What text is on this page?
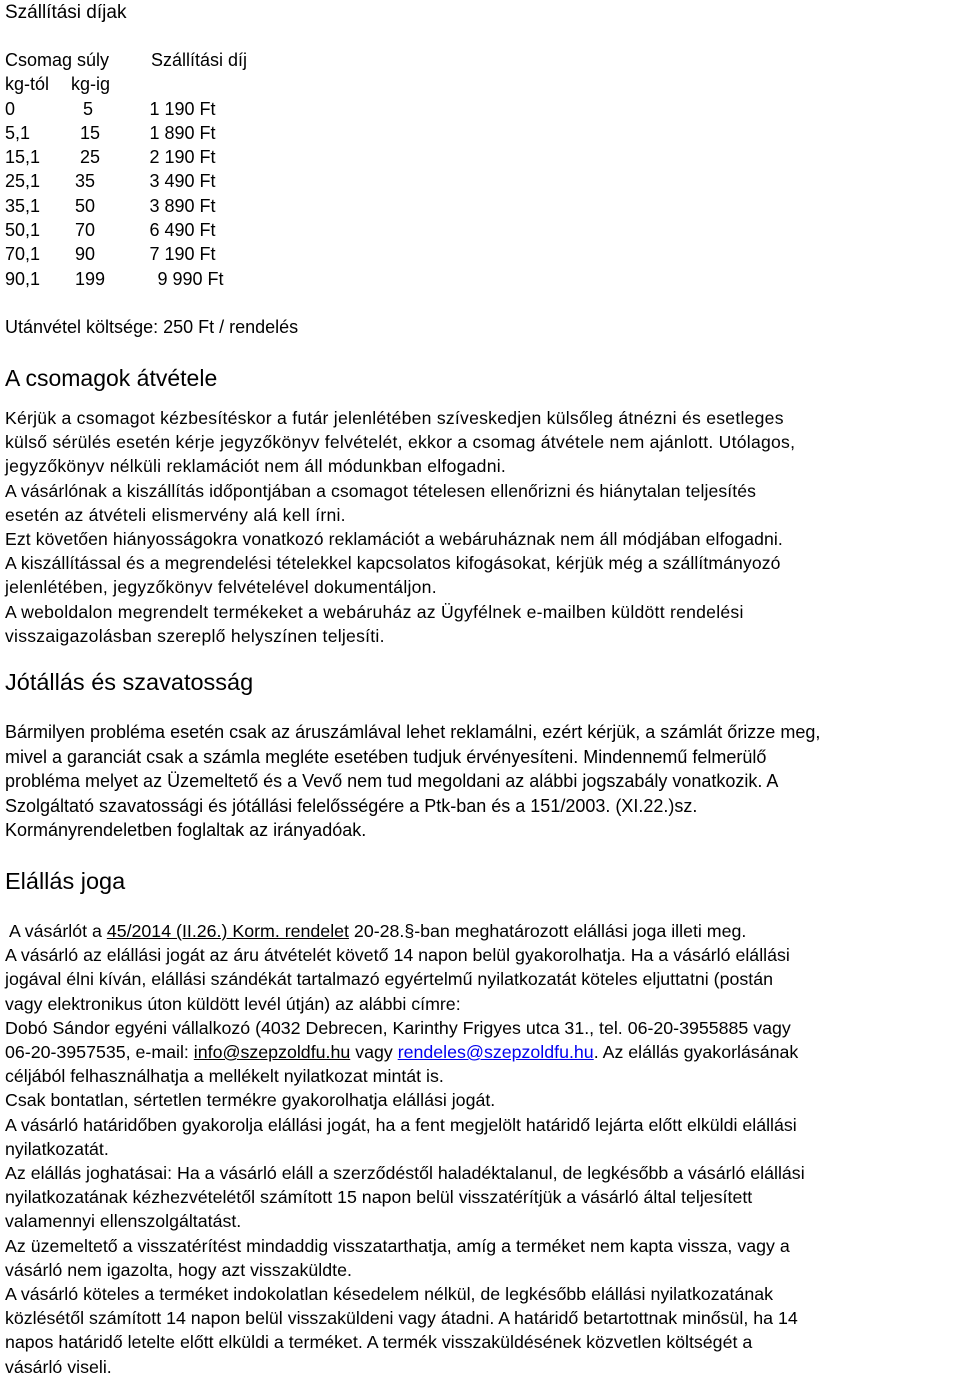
Szállítási díjak
Csomag súly Szállítási díj
kg-tól kg-ig
0	5	1 190 Ft
5,1	15	1 890 Ft
15,1	25	2 190 Ft
25,1	35	3 490 Ft
35,1	50	3 890 Ft
50,1	70	6 490 Ft
70,1	90	7 190 Ft
90,1	199	9 990 Ft

Utánvétel költsége: 250 Ft / rendelés

A csomagok átvétele
Kérjük a csomagot kézbesítéskor a futár jelenlétében szíveskedjen külsőleg átnézni és esetleges
külső sérülés esetén kérje jegyzőkönyv felvételét, ekkor a csomag átvétele nem ajánlott. Utólagos,
jegyzőkönyv nélküli reklamációt nem áll módunkban elfogadni.
A vásárlónak a kiszállítás időpontjában a csomagot tételesen ellenőrizni és hiánytalan teljesítés
esetén az átvételi elismervény alá kell írni.
Ezt követően hiányosságokra vonatkozó reklamációt a webáruháznak nem áll módjában elfogadni.
A kiszállítással és a megrendelési tételekkel kapcsolatos kifogásokat, kérjük még a szállítmányozó
jelenlétében, jegyzőkönyv felvételével dokumentáljon.
A weboldalon megrendelt termékeket a webáruház az Ügyfélnek e-mailben küldött rendelési
visszaigazolásban szereplő helyszínen teljesíti.
Jótállás és szavatosság
Bármilyen probléma esetén csak az áruszámlával lehet reklamálni, ezért kérjük, a számlát őrizze meg,
mivel a garanciát csak a számla megléte esetében tudjuk érvényesíteni. Mindennemű felmerülő
probléma melyet az Üzemeltető és a Vevő nem tud megoldani az alábbi jogszabály vonatkozik. A
Szolgáltató szavatossági és jótállási felelősségére a Ptk-ban és a 151/2003. (XI.22.)sz.
Kormányrendeletben foglaltak az irányadóak.
Elállás joga
A vásárlót a 45/2014 (II.26.) Korm. rendelet 20-28.§-ban meghatározott elállási joga illeti meg.
A vásárló az elállási jogát az áru átvételét követő 14 napon belül gyakorolhatja. Ha a vásárló elállási
jogával élni kíván, elállási szándékát tartalmazó egyértelmű nyilatkozatát köteles eljuttatni (postán
vagy elektronikus úton küldött levél útján) az alábbi címre:
Dobó Sándor egyéni vállalkozó (4032 Debrecen, Karinthy Frigyes utca 31., tel. 06-20-3955885 vagy
06-20-3957535, e-mail: info@szepzoldfu.hu vagy rendeles@szepzoldfu.hu. Az elállás gyakorlásának
céljából felhasználhatja a mellékelt nyilatkozat mintát is.
Csak bontatlan, sértetlen termékre gyakorolhatja elállási jogát.
A vásárló határidőben gyakorolja elállási jogát, ha a fent megjelölt határidő lejárta előtt elküldi elállási
nyilatkozatát.
Az elállás joghatásai: Ha a vásárló eláll a szerződéstől haladéktalanul, de legkésőbb a vásárló elállási
nyilatkozatának kézhezvételétől számított 15 napon belül visszatérítjük a vásárló által teljesített
valamennyi ellenszolgáltatást.
Az üzemeltető a visszatérítést mindaddig visszatarthatja, amíg a terméket nem kapta vissza, vagy a
vásárló nem igazolta, hogy azt visszaküldte.
A vásárló köteles a terméket indokolatlan késedelem nélkül, de legkésőbb elállási nyilatkozatának
közlésétől számított 14 napon belül visszaküldeni vagy átadni. A határidő betartottnak minősül, ha 14
napos határidő letelte előtt elküldi a terméket. A termék visszaküldésének közvetlen költségét a
vásárló viseli.
